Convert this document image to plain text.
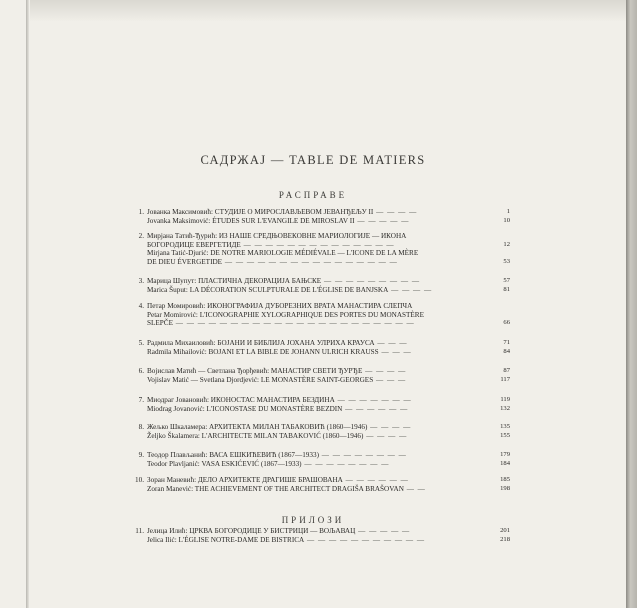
САДРЖАЈ — TABLE DE MATIERS
РАСПРАВЕ
ПРИЛОЗИ
1. Јованка Максимовић: СТУДИЈЕ О МИРОСЛАВЉЕВОМ ЈЕВАНЂЕЉУ II — — — —	1
Jovanka Maksimović: ÉTUDES SUR L'EVANGILE DE MIROSLAV II — — — — —	10
2. Мирјана Татић-Ђурић: ИЗ НАШЕ СРЕДЊОВЕКОВНЕ МАРИОЛОГИЈЕ — ИКОНА
БОГОРОДИЦЕ ЕВЕРГЕТИДЕ — — — — — — — — — — — — — —	12
Mirjana Tatić-Djurić: DE NOTRE MARIOLOGIE MÉDIÉVALE — L'ICONE DE LA MÈRE
DE DIEU ÉVERGETIDE — — — — — — — — — — — — — — — —	53
3. Марица Шупут: ПЛАСТИЧНА ДЕКОРАЦИЈА БАЊСКЕ — — — — — — — — —	57
Marica Šuput: LA DÉCORATION SCULPTURALE DE L'ÉGLISE DE BANJSKA — — — —	81
4. Петар Момировић: ИКОНОГРАФИЈА ДУБОРЕЗНИХ ВРАТА МАНАСТИРА СЛЕПЧА
Petar Momirović: L'ICONOGRAPHIE XYLOGRAPHIQUE DES PORTES DU MONASTÈRE
SLEPČE — — — — — — — — — — — — — — — — — — — — — —	66
5. Радмила Михаиловић: БОЈАНИ И БИБЛИЈА ЈОХАНА УЛРИХА КРАУСА — — —	71
Radmila Mihailović: BOJANI ET LA BIBLE DE JOHANN ULRICH KRAUSS — — —	84
6. Војислав Матић — Светлана Ђорђевић: МАНАСТИР СВЕТИ ЂУРЂЕ — — — —	87
Vojislav Matić — Svetlana Djordjević: LE MONASTÈRE SAINT-GEORGES — — —	117
7. Миодраг Јовановић: ИКОНОСТАС МАНАСТИРА БЕЗДИНА — — — — — — —	119
Miodrag Jovanović: L'ICONOSTASE DU MONASTÈRE BEZDIN — — — — — —	132
8. Жељко Шкаламера: АРХИТЕКТА МИЛАН ТАБАКОВИЋ (1860—1946) — — — —	135
Željko Škalamera: L'ARCHITECTE MILAN TABAKOVIĆ (1860—1946) — — — —	155
9. Теодор Плављанић: ВАСА ЕШКИЋЕВИЋ (1867—1933) — — — — — — — —	179
Teodor Plavljanić: VASA ESKIĆEVIĆ (1867—1933) — — — — — — — —	184
10. Зоран Маневић: ДЕЛО АРХИТЕКТЕ ДРАГИШЕ БРАШОВАНА — — — — — —	185
Zoran Manević: THE ACHIEVEMENT OF THE ARCHITECT DRAGIŠA BRAŠOVAN — —	198
11. Јелица Илић: ЦРКВА БОГОРОДИЦЕ У БИСТРИЦИ — ВОЉАВАЦ — — — — —	201
Jelica Ilić: L'ÉGLISE NOTRE-DAME DE BISTRICA — — — — — — — — — — —	218
